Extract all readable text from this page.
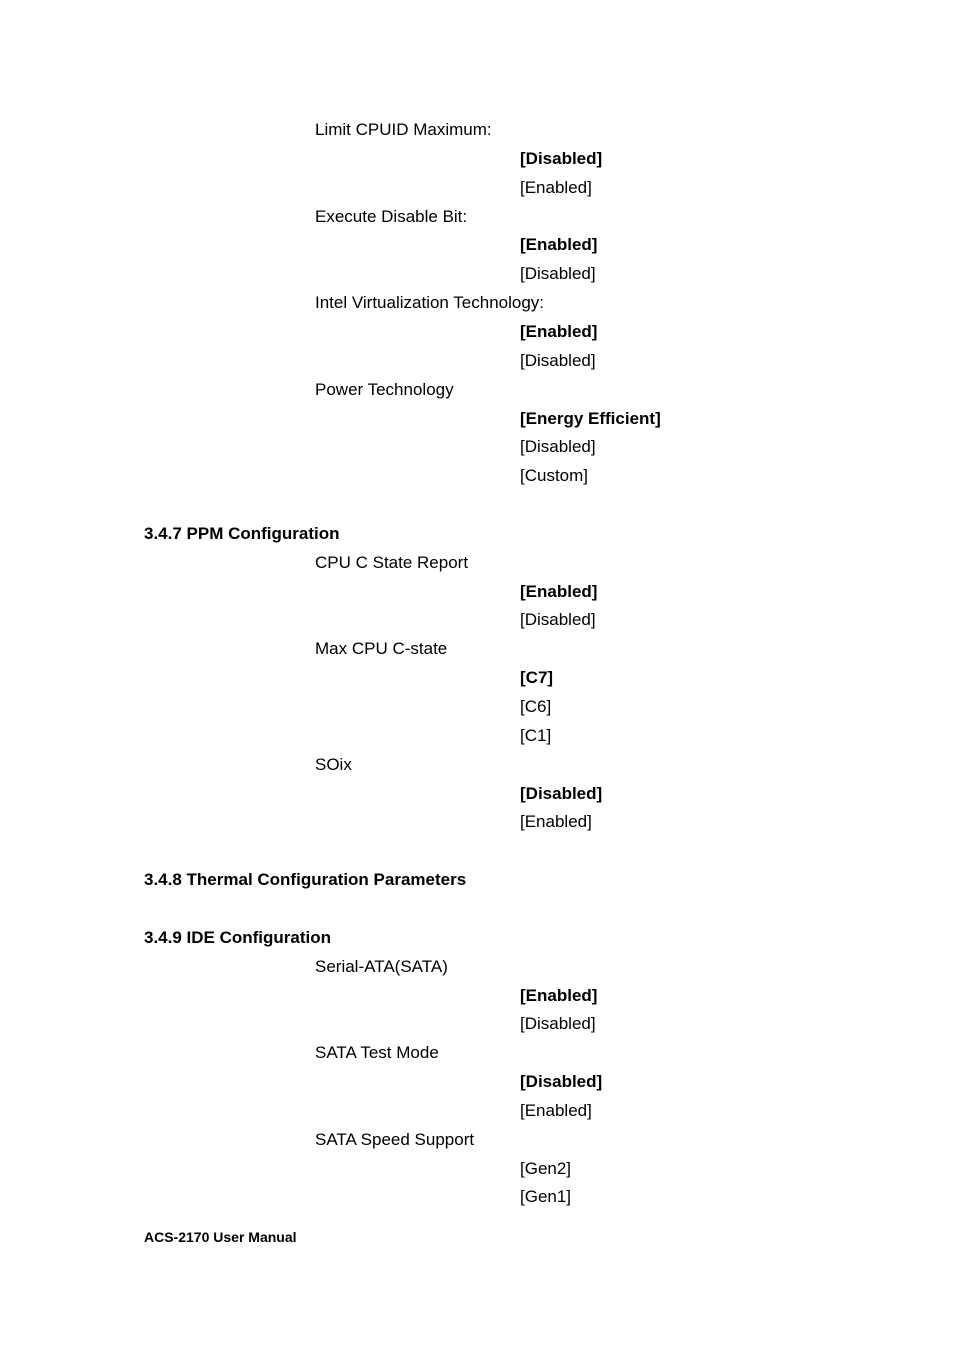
Limit CPUID Maximum:
[Disabled]
[Enabled]
Execute Disable Bit:
[Enabled]
[Disabled]
Intel Virtualization Technology:
[Enabled]
[Disabled]
Power Technology
[Energy Efficient]
[Disabled]
[Custom]
3.4.7 PPM Configuration
CPU C State Report
[Enabled]
[Disabled]
Max CPU C-state
[C7]
[C6]
[C1]
SOix
[Disabled]
[Enabled]
3.4.8 Thermal Configuration Parameters
3.4.9 IDE Configuration
Serial-ATA(SATA)
[Enabled]
[Disabled]
SATA Test Mode
[Disabled]
[Enabled]
SATA Speed Support
[Gen2]
[Gen1]
ACS-2170 User Manual
